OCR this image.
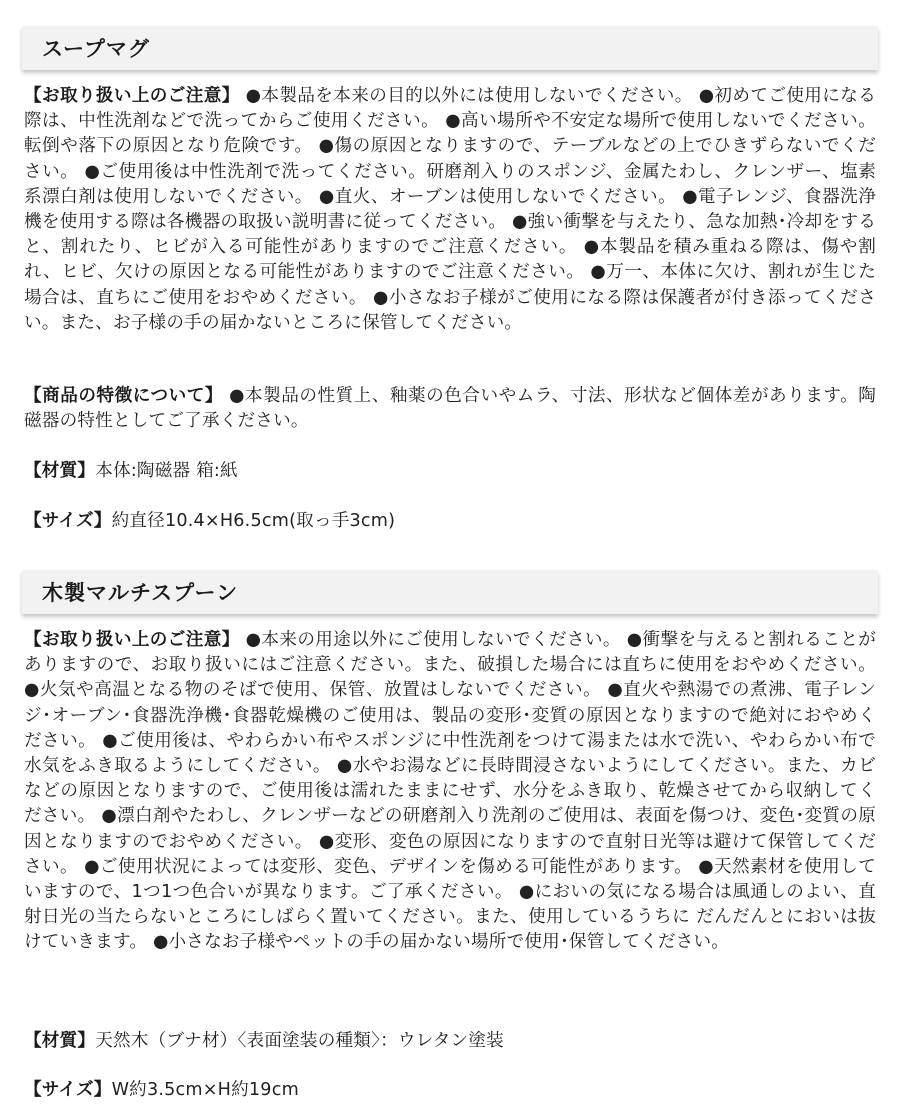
スープマグ

【お取り扱い上のご注意】 ●本製品を本来の目的以外には使用しないでください。 ●初めてご使用になる際は、中性洗剤などで洗ってからご使用ください。 ●高い場所や不安定な場所で使用しないでください。転倒や落下の原因となり危険です。 ●傷の原因となりますので、テーブルなどの上でひきずらないでください。 ●ご使用後は中性洗剤で洗ってください。研磨剤入りのスポンジ、金属たわし、クレンザー、塩素系漂白剤は使用しないでください。 ●直火、オーブンは使用しないでください。 ●電子レンジ、食器洗浄機を使用する際は各機器の取扱い説明書に従ってください。 ●強い衝撃を与えたり、急な加熱･冷却をすると、割れたり、ヒビが入る可能性がありますのでご注意ください。 ●本製品を積み重ねる際は、傷や割れ、ヒビ、欠けの原因となる可能性がありますのでご注意ください。 ●万一、本体に欠け、割れが生じた場合は、直ちにご使用をおやめください。 ●小さなお子様がご使用になる際は保護者が付き添ってください。また、お子様の手の届かないところに保管してください。

【商品の特徴について】 ●本製品の性質上、釉薬の色合いやムラ、寸法、形状など個体差があります。陶磁器の特性としてご了承ください。

【材質】本体:陶磁器 箱:紙

【サイズ】約直径10.4×H6.5cm(取っ手3cm)

木製マルチスプーン

【お取り扱い上のご注意】 ●本来の用途以外にご使用しないでください。 ●衝撃を与えると割れることがありますので、お取り扱いにはご注意ください。また、破損した場合には直ちに使用をおやめください。 ●火気や高温となる物のそばで使用、保管、放置はしないでください。 ●直火や熱湯での煮沸、電子レンジ･オーブン･食器洗浄機･食器乾燥機のご使用は、製品の変形･変質の原因となりますので絶対におやめください。 ●ご使用後は、やわらかい布やスポンジに中性洗剤をつけて湯または水で洗い、やわらかい布で水気をふき取るようにしてください。 ●水やお湯などに長時間浸さないようにしてください。また、カビなどの原因となりますので、ご使用後は濡れたままにせず、水分をふき取り、乾燥させてから収納してください。 ●漂白剤やたわし、クレンザーなどの研磨剤入り洗剤のご使用は、表面を傷つけ、変色･変質の原因となりますのでおやめください。 ●変形、変色の原因になりますので直射日光等は避けて保管してください。 ●ご使用状況によっては変形、変色、デザインを傷める可能性があります。 ●天然素材を使用していますので、1つ1つ色合いが異なります。ご了承ください。 ●においの気になる場合は風通しのよい、直射日光の当たらないところにしばらく置いてください。また、使用しているうちに だんだんとにおいは抜けていきます。 ●小さなお子様やペットの手の届かない場所で使用･保管してください。

【材質】天然木（ブナ材）〈表面塗装の種類〉：ウレタン塗装

【サイズ】W約3.5cm×H約19cm
